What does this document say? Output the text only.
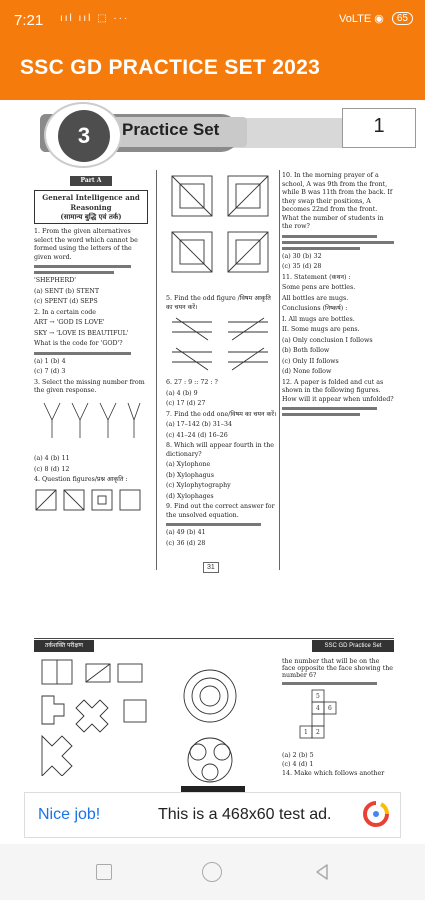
7:21 ııl ııl ⬚ ···	VoLTE ◉	65
SSC GD PRACTICE SET 2023
3	Practice Set	1
Part A
General Intelligence and Reasoning
(सामान्य बुद्धि एवं तर्क)
1. From the given alternatives select the word which cannot be formed using the letters of the given word.
'SHEPHERD'
(a) SENT (b) STENT
(c) SPENT (d) SEPS
2. In a certain code
ART → 'GOD IS LOVE'
SKY → 'LOVE IS BEAUTIFUL'
What is the code for 'GOD'?
(a) 1 (b) 4
(c) 7 (d) 3
3. Select the missing number from the given response.
(a) 4 (b) 11
(c) 8 (d) 12
4. Question figures/प्रश्न आकृति :
5. Find the odd figure /विषम आकृति का चयन करें।
6. 27 : 9 :: 72 : ?
(a) 4 (b) 9
(c) 17 (d) 27
7. Find the odd one/विषम का चयन करें।
(a) 17–142 (b) 31–34
(c) 41–24 (d) 16–26
8. Which will appear fourth in the dictionary?
(a) Xylophone
(b) Xylophagus
(c) Xylophytography
(d) Xylophages
9. Find out the correct answer for the unsolved equation.
(a) 49 (b) 41
(c) 36 (d) 28
10. In the morning prayer of a school, A was 9th from the front, while B was 11th from the back. If they swap their positions, A becomes 22nd from the front. What the number of students in the row?
(a) 30 (b) 32
(c) 35 (d) 28
11. Statement (कथन) :
Some pens are bottles.
All bottles are mugs.
Conclusions (निष्कर्ष) :
I. All mugs are bottles.
II. Some mugs are pens.
(a) Only conclusion I follows
(b) Both follow
(c) Only II follows
(d) None follow
12. A paper is folded and cut as shown in the following figures. How will it appear when unfolded?
31
तर्कशक्ति परीक्षण	SSC GD Practice Set
the number that will be on the face opposite the face showing the number 6?
5
4 6
1 2
(a) 2 (b) 5
(c) 4 (d) 1
14. Make which follows another
Nice job!	This is a 468x60 test ad.
